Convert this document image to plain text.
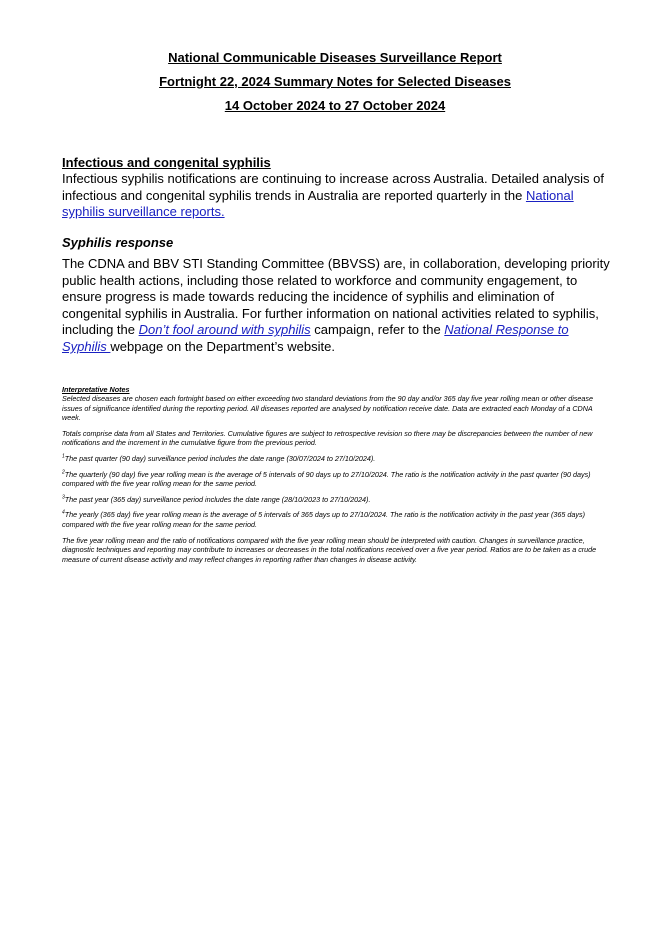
National Communicable Diseases Surveillance Report

Fortnight 22, 2024 Summary Notes for Selected Diseases

14 October 2024 to 27 October 2024

Infectious and congenital syphilis

Infectious syphilis notifications are continuing to increase across Australia. Detailed analysis of infectious and congenital syphilis trends in Australia are reported quarterly in the National syphilis surveillance reports.

Syphilis response

The CDNA and BBV STI Standing Committee (BBVSS) are, in collaboration, developing priority public health actions, including those related to workforce and community engagement, to ensure progress is made towards reducing the incidence of syphilis and elimination of congenital syphilis in Australia. For further information on national activities related to syphilis, including the Don’t fool around with syphilis campaign, refer to the National Response to Syphilis webpage on the Department’s website.

Interpretative Notes

Selected diseases are chosen each fortnight based on either exceeding two standard deviations from the 90 day and/or 365 day five year rolling mean or other disease issues of significance identified during the reporting period. All diseases reported are analysed by notification receive date. Data are extracted each Monday of a CDNA week.

Totals comprise data from all States and Territories. Cumulative figures are subject to retrospective revision so there may be discrepancies between the number of new notifications and the increment in the cumulative figure from the previous period.

$^1$The past quarter (90 day) surveillance period includes the date range (30/07/2024 to 27/10/2024).

$^2$The quarterly (90 day) five year rolling mean is the average of 5 intervals of 90 days up to 27/10/2024. The ratio is the notification activity in the past quarter (90 days) compared with the five year rolling mean for the same period.

$^3$The past year (365 day) surveillance period includes the date range (28/10/2023 to 27/10/2024).

$^4$The yearly (365 day) five year rolling mean is the average of 5 intervals of 365 days up to 27/10/2024. The ratio is the notification activity in the past year (365 days) compared with the five year rolling mean for the same period.

The five year rolling mean and the ratio of notifications compared with the five year rolling mean should be interpreted with caution. Changes in surveillance practice, diagnostic techniques and reporting may contribute to increases or decreases in the total notifications received over a five year period. Ratios are to be taken as a crude measure of current disease activity and may reflect changes in reporting rather than changes in disease activity.
